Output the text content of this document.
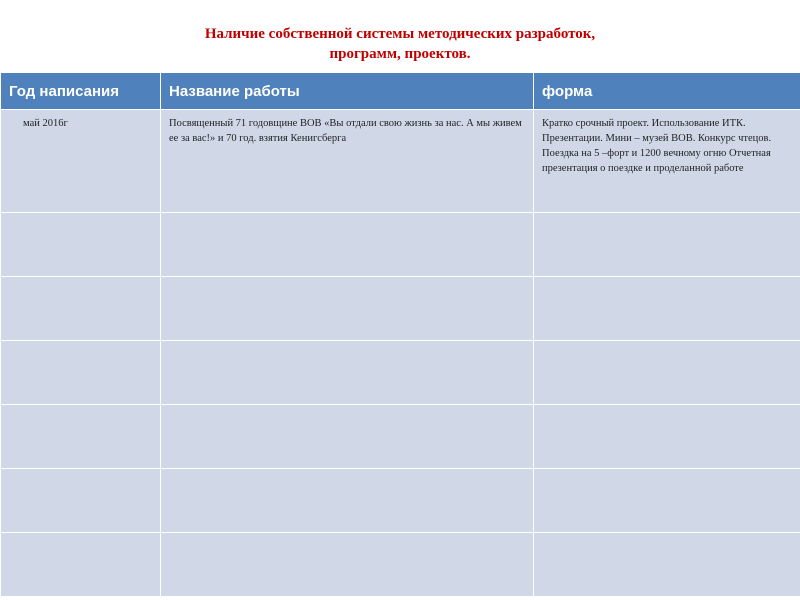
Наличие собственной системы методических разработок,
программ, проектов.
Год написания	Название работы	форма
май 2016г	Посвященный 71 годовщине ВОВ «Вы отдали свою жизнь за нас. А мы живем ее за вас!» и 70 год. взятия Кенигсберга	Кратко срочный проект. Использование ИТК. Презентации. Мини – музей ВОВ. Конкурс чтецов. Поездка на 5 –форт и 1200 вечному огню Отчетная презентация о поездке и проделанной работе
